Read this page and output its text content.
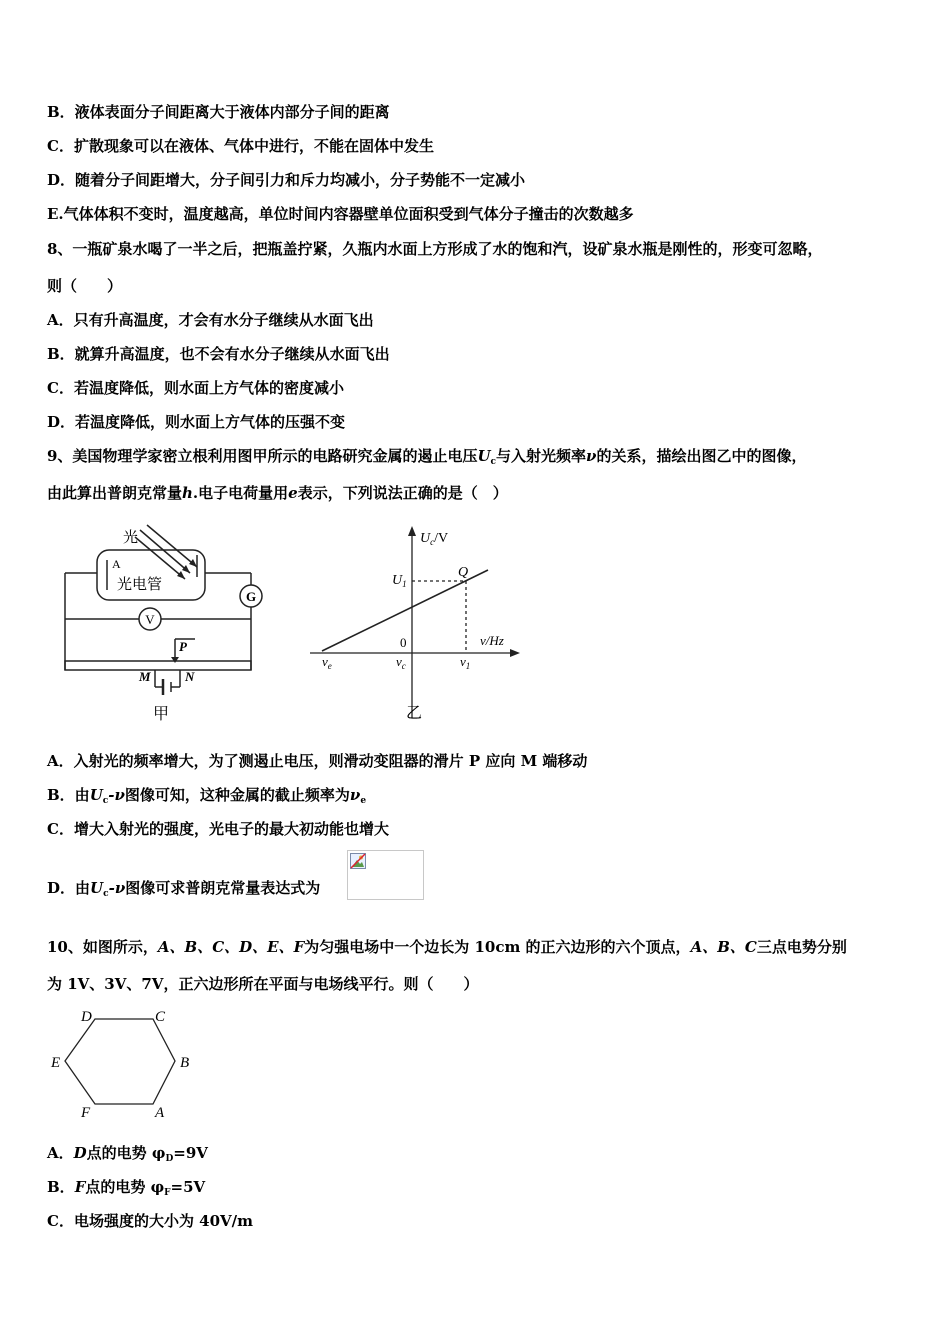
B．液体表面分子间距离大于液体内部分子间的距离
C．扩散现象可以在液体、气体中进行，不能在固体中发生
D．随着分子间距增大，分子间引力和斥力均减小，分子势能不一定减小
E.气体体积不变时，温度越高，单位时间内容器壁单位面积受到气体分子撞击的次数越多
8、一瓶矿泉水喝了一半之后，把瓶盖拧紧，久瓶内水面上方形成了水的饱和汽，设矿泉水瓶是刚性的，形变可忽略，
则（　　）
A．只有升高温度，才会有水分子继续从水面飞出
B．就算升高温度，也不会有水分子继续从水面飞出
C．若温度降低，则水面上方气体的密度减小
D．若温度降低，则水面上方气体的压强不变
9、美国物理学家密立根利用图甲所示的电路研究金属的遏止电压$U_c$与入射光频率ν的关系，描绘出图乙中的图像，
由此算出普朗克常量h.电子电荷量用e表示，下列说法正确的是（　）
G
V
光
A
光电管
P
M	N
甲
$U_c/V$
$U_1$
Q
0	ν/Hz
$\nu_e$	$\nu_c$	$\nu_1$
乙
A．入射光的频率增大，为了测遏止电压，则滑动变阻器的滑片 P 应向 M 端移动
B．由$U_c-\nu$图像可知，这种金属的截止频率为$\nu_e$
C．增大入射光的强度，光电子的最大初动能也增大
D．由$U_c-\nu$图像可求普朗克常量表达式为
10、如图所示，A、B、C、D、E、F为匀强电场中一个边长为 10cm 的正六边形的六个顶点，A、B、C三点电势分别
为 1V、3V、7V，正六边形所在平面与电场线平行。则（　　）
D	C
E	B
F	A
A．D点的电势 $\varphi_D=9V$
B．F点的电势 $\varphi_F=5V$
C．电场强度的大小为 40V/m
